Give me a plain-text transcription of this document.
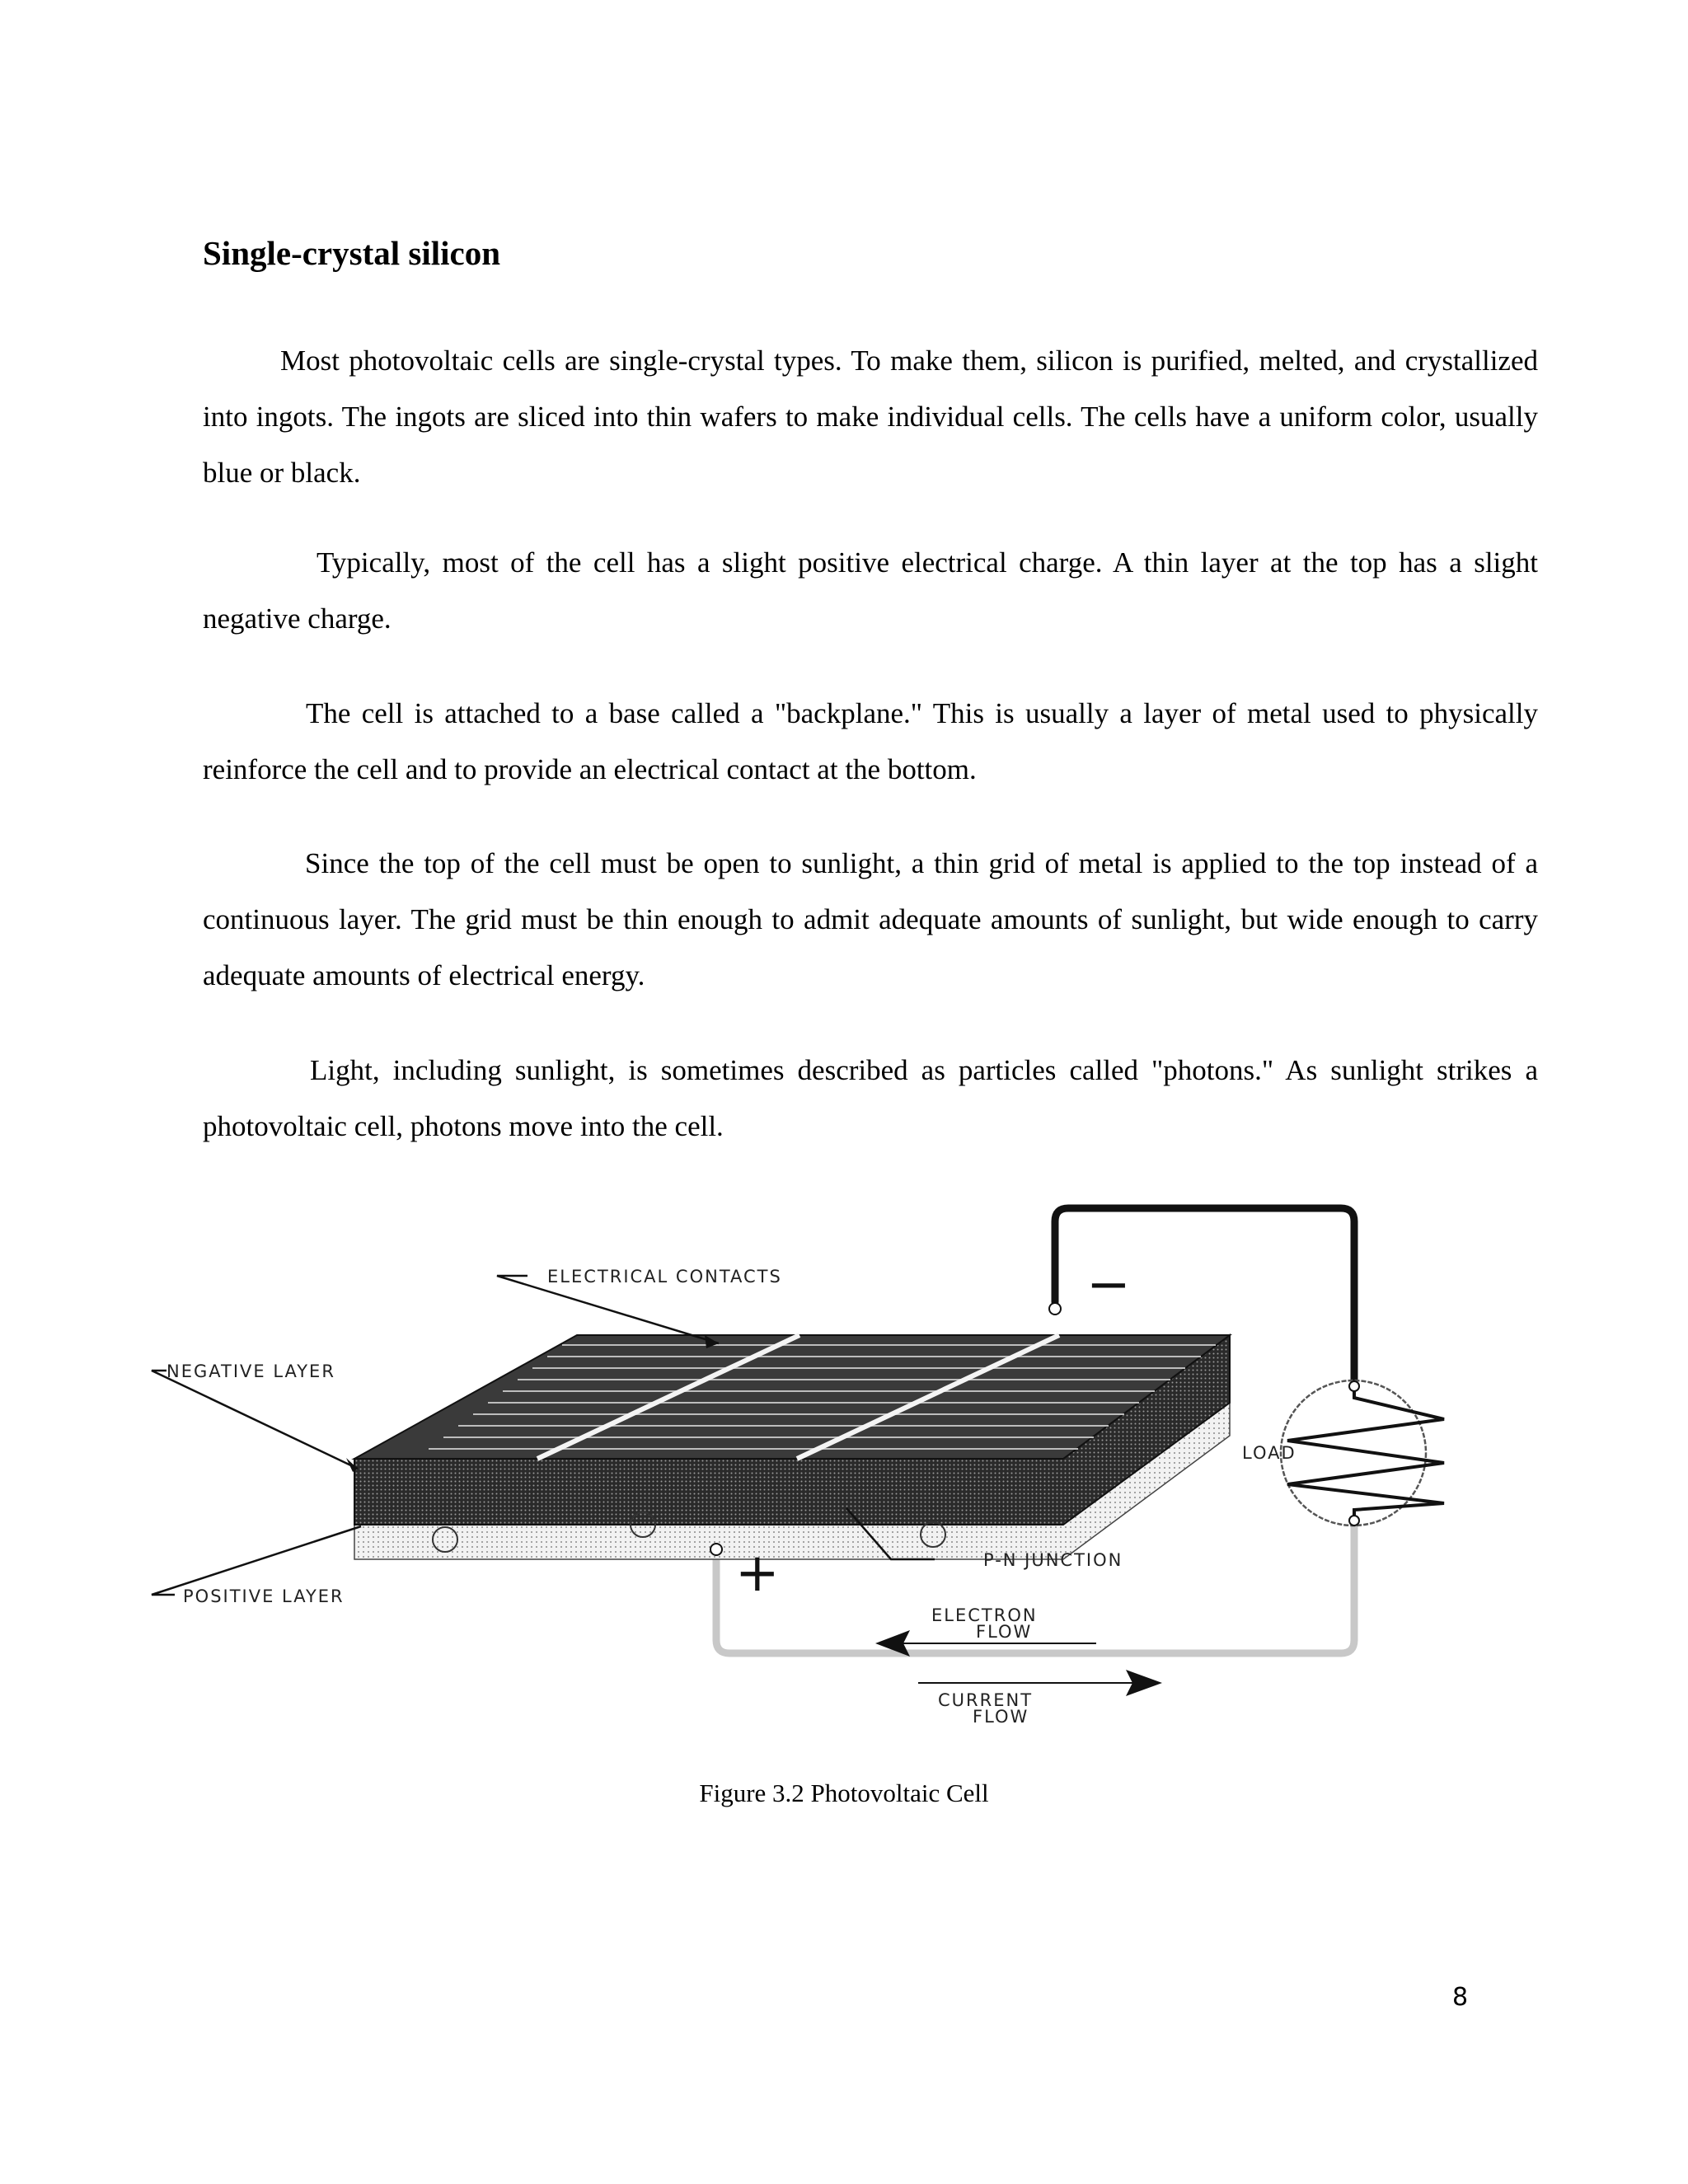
Single-crystal silicon

Most photovoltaic cells are single-crystal types. To make them, silicon is purified, melted, and crystallized into ingots. The ingots are sliced into thin wafers to make individual cells. The cells have a uniform color, usually blue or black.

Typically, most of the cell has a slight positive electrical charge. A thin layer at the top has a slight negative charge.

The cell is attached to a base called a "backplane." This is usually a layer of metal used to physically reinforce the cell and to provide an electrical contact at the bottom.

Since the top of the cell must be open to sunlight, a thin grid of metal is applied to the top instead of a continuous layer. The grid must be thin enough to admit adequate amounts of sunlight, but wide enough to carry adequate amounts of electrical energy.

Light, including sunlight, is sometimes described as particles called "photons." As sunlight strikes a photovoltaic cell, photons move into the cell.

LOAD
−
+
ELECTRICAL CONTACTS
NEGATIVE LAYER
POSITIVE LAYER
P-N JUNCTION
ELECTRON
FLOW
CURRENT
FLOW
Figure 3.2 Photovoltaic Cell
8
